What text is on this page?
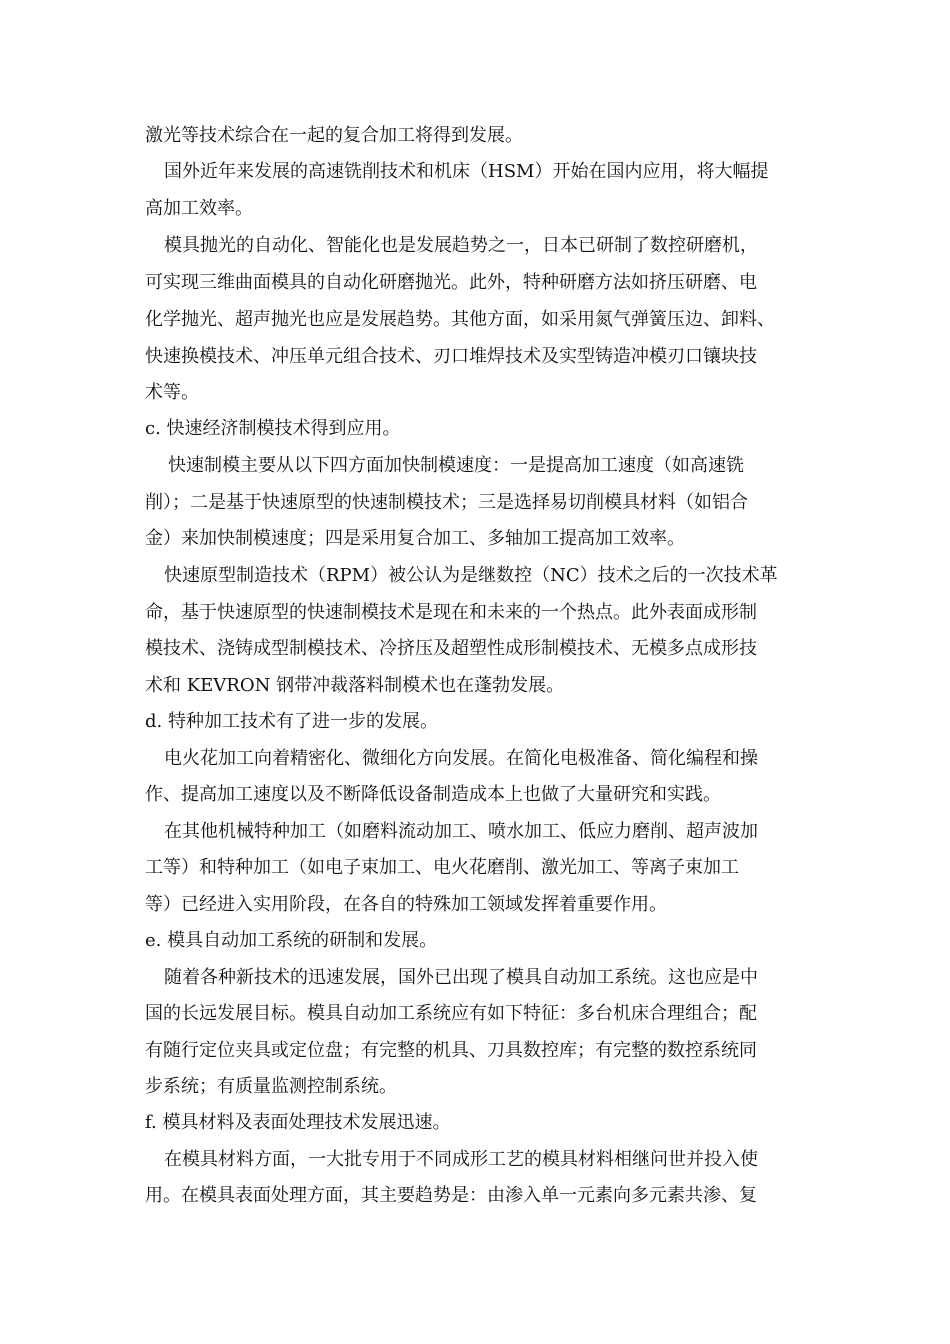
激光等技术综合在一起的复合加工将得到发展。
国外近年来发展的高速铣削技术和机床（HSM）开始在国内应用，将大幅提
高加工效率。
模具抛光的自动化、智能化也是发展趋势之一，日本已研制了数控研磨机，
可实现三维曲面模具的自动化研磨抛光。此外，特种研磨方法如挤压研磨、电
化学抛光、超声抛光也应是发展趋势。其他方面，如采用氮气弹簧压边、卸料、
快速换模技术、冲压单元组合技术、刃口堆焊技术及实型铸造冲模刃口镶块技
术等。
c. 快速经济制模技术得到应用。
快速制模主要从以下四方面加快制模速度：一是提高加工速度（如高速铣
削）；二是基于快速原型的快速制模技术；三是选择易切削模具材料（如铝合
金）来加快制模速度；四是采用复合加工、多轴加工提高加工效率。
快速原型制造技术（RPM）被公认为是继数控（NC）技术之后的一次技术革
命，基于快速原型的快速制模技术是现在和未来的一个热点。此外表面成形制
模技术、浇铸成型制模技术、冷挤压及超塑性成形制模技术、无模多点成形技
术和 KEVRON 钢带冲裁落料制模术也在蓬勃发展。
d. 特种加工技术有了进一步的发展。
电火花加工向着精密化、微细化方向发展。在简化电极准备、简化编程和操
作、提高加工速度以及不断降低设备制造成本上也做了大量研究和实践。
在其他机械特种加工（如磨料流动加工、喷水加工、低应力磨削、超声波加
工等）和特种加工（如电子束加工、电火花磨削、激光加工、等离子束加工
等）已经进入实用阶段，在各自的特殊加工领域发挥着重要作用。
e. 模具自动加工系统的研制和发展。
随着各种新技术的迅速发展，国外已出现了模具自动加工系统。这也应是中
国的长远发展目标。模具自动加工系统应有如下特征：多台机床合理组合；配
有随行定位夹具或定位盘；有完整的机具、刀具数控库；有完整的数控系统同
步系统；有质量监测控制系统。
f. 模具材料及表面处理技术发展迅速。
在模具材料方面，一大批专用于不同成形工艺的模具材料相继问世并投入使
用。在模具表面处理方面，其主要趋势是：由渗入单一元素向多元素共渗、复
